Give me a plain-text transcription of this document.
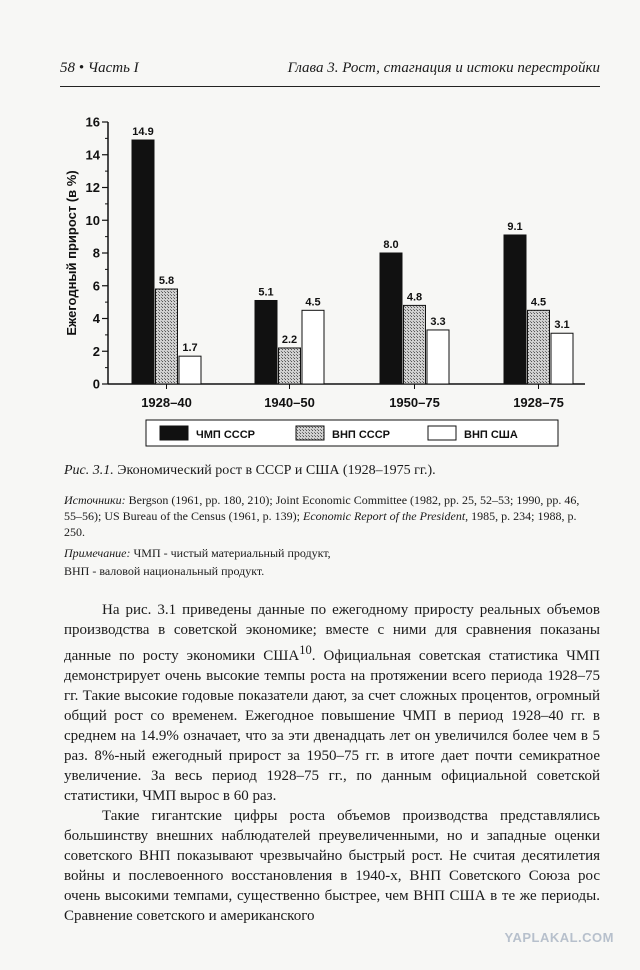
58 • Часть I	Глава 3. Рост, стагнация и истоки перестройки
0
2
4
6
8
10
12
14
16
Ежегодный прирост (в %)
14.9
5.8
1.7
1928–40
5.1
2.2
4.5
1940–50
8.0
4.8
3.3
1950–75
9.1
4.5
3.1
1928–75
ЧМП СССР	ВНП СССР	ВНП США
Рис. 3.1. Экономический рост в СССР и США (1928–1975 гг.).
Источники: Bergson (1961, pp. 180, 210); Joint Economic Committee (1982, pp. 25, 52–53; 1990, pp. 46, 55–56); US Bureau of the Census (1961, p. 139); Economic Report of the President, 1985, p. 234; 1988, p. 250.
Примечание: ЧМП - чистый материальный продукт,
ВНП - валовой национальный продукт.

На рис. 3.1 приведены данные по ежегодному приросту реальных объемов производства в советской экономике; вместе с ними для сравнения показаны данные по росту экономики США$^{10}$. Официальная советская статистика ЧМП демонстрирует очень высокие темпы роста на протяжении всего периода 1928–75 гг. Такие высокие годовые показатели дают, за счет сложных процентов, огромный общий рост со временем. Ежегодное повышение ЧМП в период 1928–40 гг. в среднем на 14.9% означает, что за эти двенадцать лет он увеличился более чем в 5 раз. 8%-ный ежегодный прирост за 1950–75 гг. в итоге дает почти семикратное увеличение. За весь период 1928–75 гг., по данным официальной советской статистики, ЧМП вырос в 60 раз.

Такие гигантские цифры роста объемов производства представлялись большинству внешних наблюдателей преувеличенными, но и западные оценки советского ВНП показывают чрезвычайно быстрый рост. Не считая десятилетия войны и послевоенного восстановления в 1940-х, ВНП Советского Союза рос очень высокими темпами, существенно быстрее, чем ВНП США в те же периоды. Сравнение советского и американского

YAPLAKAL.COM
